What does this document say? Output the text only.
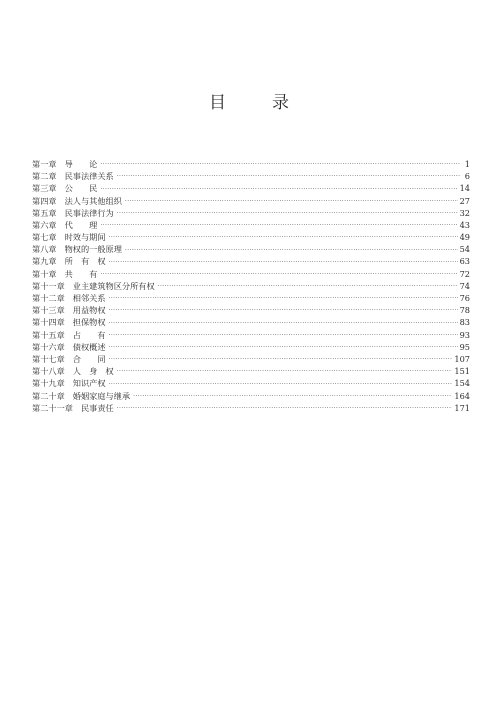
目	录
第一章 导　　论 ·····	1
第二章 民事法律关系 ·····	6
第三章 公　　民 ·····	14
第四章 法人与其他组织 ·····	27
第五章 民事法律行为 ·····	32
第六章 代　　理 ·····	43
第七章 时效与期间 ·····	49
第八章 物权的一般原理 ·····	54
第九章 所　有　权 ·····	63
第十章 共　　有 ·····	72
第十一章 业主建筑物区分所有权 ·····	74
第十二章 相邻关系 ·····	76
第十三章 用益物权 ·····	78
第十四章 担保物权 ·····	83
第十五章 占　　有 ·····	93
第十六章 债权概述 ·····	95
第十七章 合　　同 ·····	107
第十八章 人　身　权 ·····	151
第十九章 知识产权 ·····	154
第二十章 婚姻家庭与继承 ·····	164
第二十一章 民事责任 ·····	171
